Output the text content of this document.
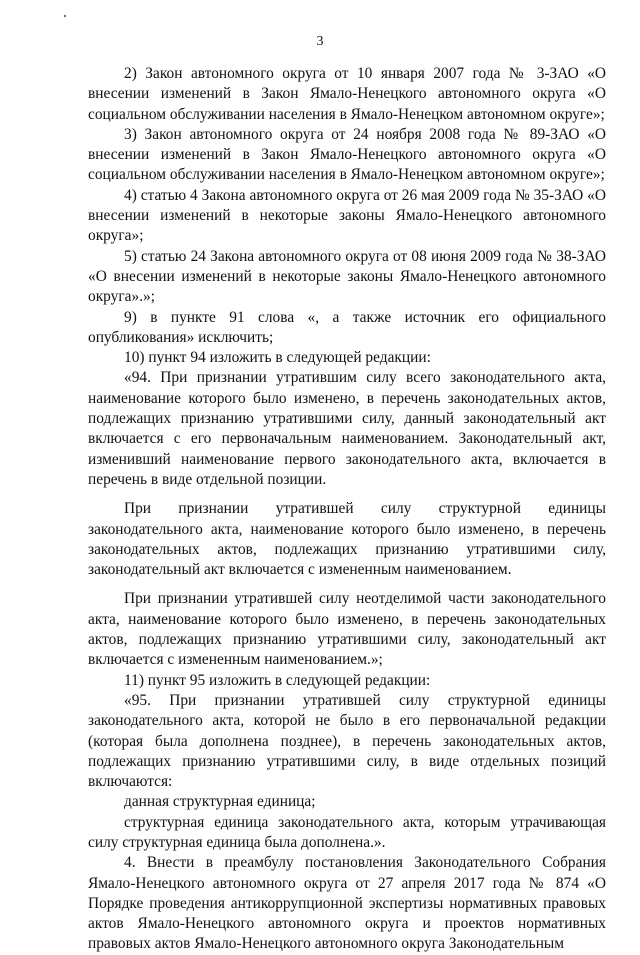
3

2) Закон автономного округа от 10 января 2007 года № 3-ЗАО «О внесении изменений в Закон Ямало-Ненецкого автономного округа «О социальном обслуживании населения в Ямало-Ненецком автономном округе»;

3) Закон автономного округа от 24 ноября 2008 года № 89-ЗАО «О внесении изменений в Закон Ямало-Ненецкого автономного округа «О социальном обслуживании населения в Ямало-Ненецком автономном округе»;

4) статью 4 Закона автономного округа от 26 мая 2009 года № 35-ЗАО «О внесении изменений в некоторые законы Ямало-Ненецкого автономного округа»;

5) статью 24 Закона автономного округа от 08 июня 2009 года № 38-ЗАО «О внесении изменений в некоторые законы Ямало-Ненецкого автономного округа».»;

9) в пункте 91 слова «, а также источник его официального опубликования» исключить;

10) пункт 94 изложить в следующей редакции:

«94. При признании утратившим силу всего законодательного акта, наименование которого было изменено, в перечень законодательных актов, подлежащих признанию утратившими силу, данный законодательный акт включается с его первоначальным наименованием. Законодательный акт, изменивший наименование первого законодательного акта, включается в перечень в виде отдельной позиции.

При признании утратившей силу структурной единицы законодательного акта, наименование которого было изменено, в перечень законодательных актов, подлежащих признанию утратившими силу, законодательный акт включается с измененным наименованием.

При признании утратившей силу неотделимой части законодательного акта, наименование которого было изменено, в перечень законодательных актов, подлежащих признанию утратившими силу, законодательный акт включается с измененным наименованием.»;

11) пункт 95 изложить в следующей редакции:

«95. При признании утратившей силу структурной единицы законодательного акта, которой не было в его первоначальной редакции (которая была дополнена позднее), в перечень законодательных актов, подлежащих признанию утратившими силу, в виде отдельных позиций включаются:

данная структурная единица;

структурная единица законодательного акта, которым утрачивающая силу структурная единица была дополнена.».

4. Внести в преамбулу постановления Законодательного Собрания Ямало-Ненецкого автономного округа от 27 апреля 2017 года № 874 «О Порядке проведения антикоррупционной экспертизы нормативных правовых актов Ямало-Ненецкого автономного округа и проектов нормативных правовых актов Ямало-Ненецкого автономного округа Законодательным
